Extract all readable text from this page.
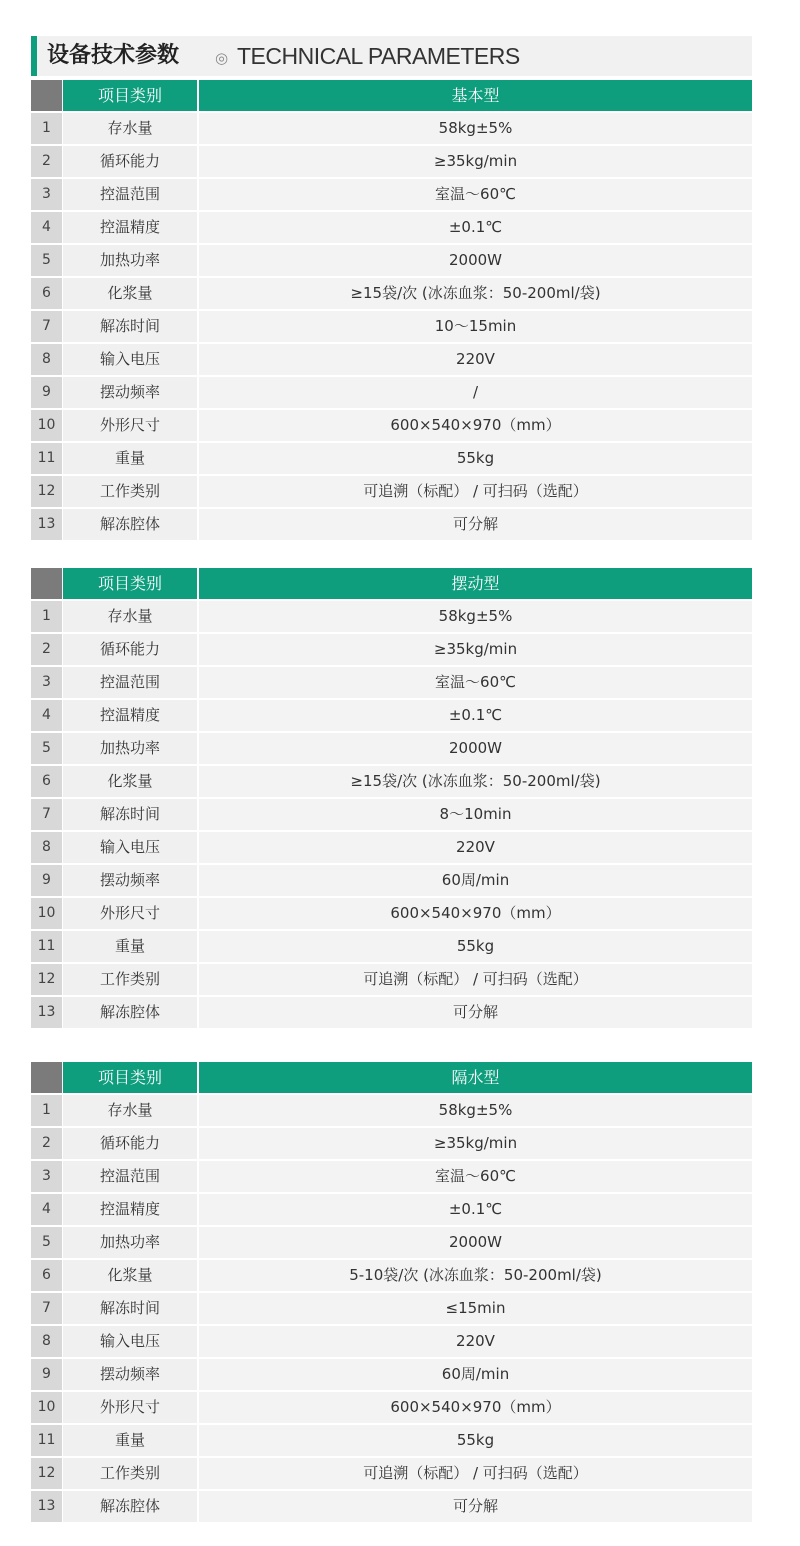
设备技术参数 ◎ TECHNICAL PARAMETERS
项目类别	基本型
1	存水量	58kg±5%
2	循环能力	≥35kg/min
3	控温范围	室温～60℃
4	控温精度	±0.1℃
5	加热功率	2000W
6	化浆量	≥15袋/次 (冰冻血浆：50-200ml/袋)
7	解冻时间	10～15min
8	输入电压	220V
9	摆动频率	/
10	外形尺寸	600×540×970（mm）
11	重量	55kg
12	工作类别	可追溯（标配） / 可扫码（选配）
13	解冻腔体	可分解
项目类别	摆动型
1	存水量	58kg±5%
2	循环能力	≥35kg/min
3	控温范围	室温～60℃
4	控温精度	±0.1℃
5	加热功率	2000W
6	化浆量	≥15袋/次 (冰冻血浆：50-200ml/袋)
7	解冻时间	8～10min
8	输入电压	220V
9	摆动频率	60周/min
10	外形尺寸	600×540×970（mm）
11	重量	55kg
12	工作类别	可追溯（标配） / 可扫码（选配）
13	解冻腔体	可分解
项目类别	隔水型
1	存水量	58kg±5%
2	循环能力	≥35kg/min
3	控温范围	室温～60℃
4	控温精度	±0.1℃
5	加热功率	2000W
6	化浆量	5-10袋/次 (冰冻血浆：50-200ml/袋)
7	解冻时间	≤15min
8	输入电压	220V
9	摆动频率	60周/min
10	外形尺寸	600×540×970（mm）
11	重量	55kg
12	工作类别	可追溯（标配） / 可扫码（选配）
13	解冻腔体	可分解
